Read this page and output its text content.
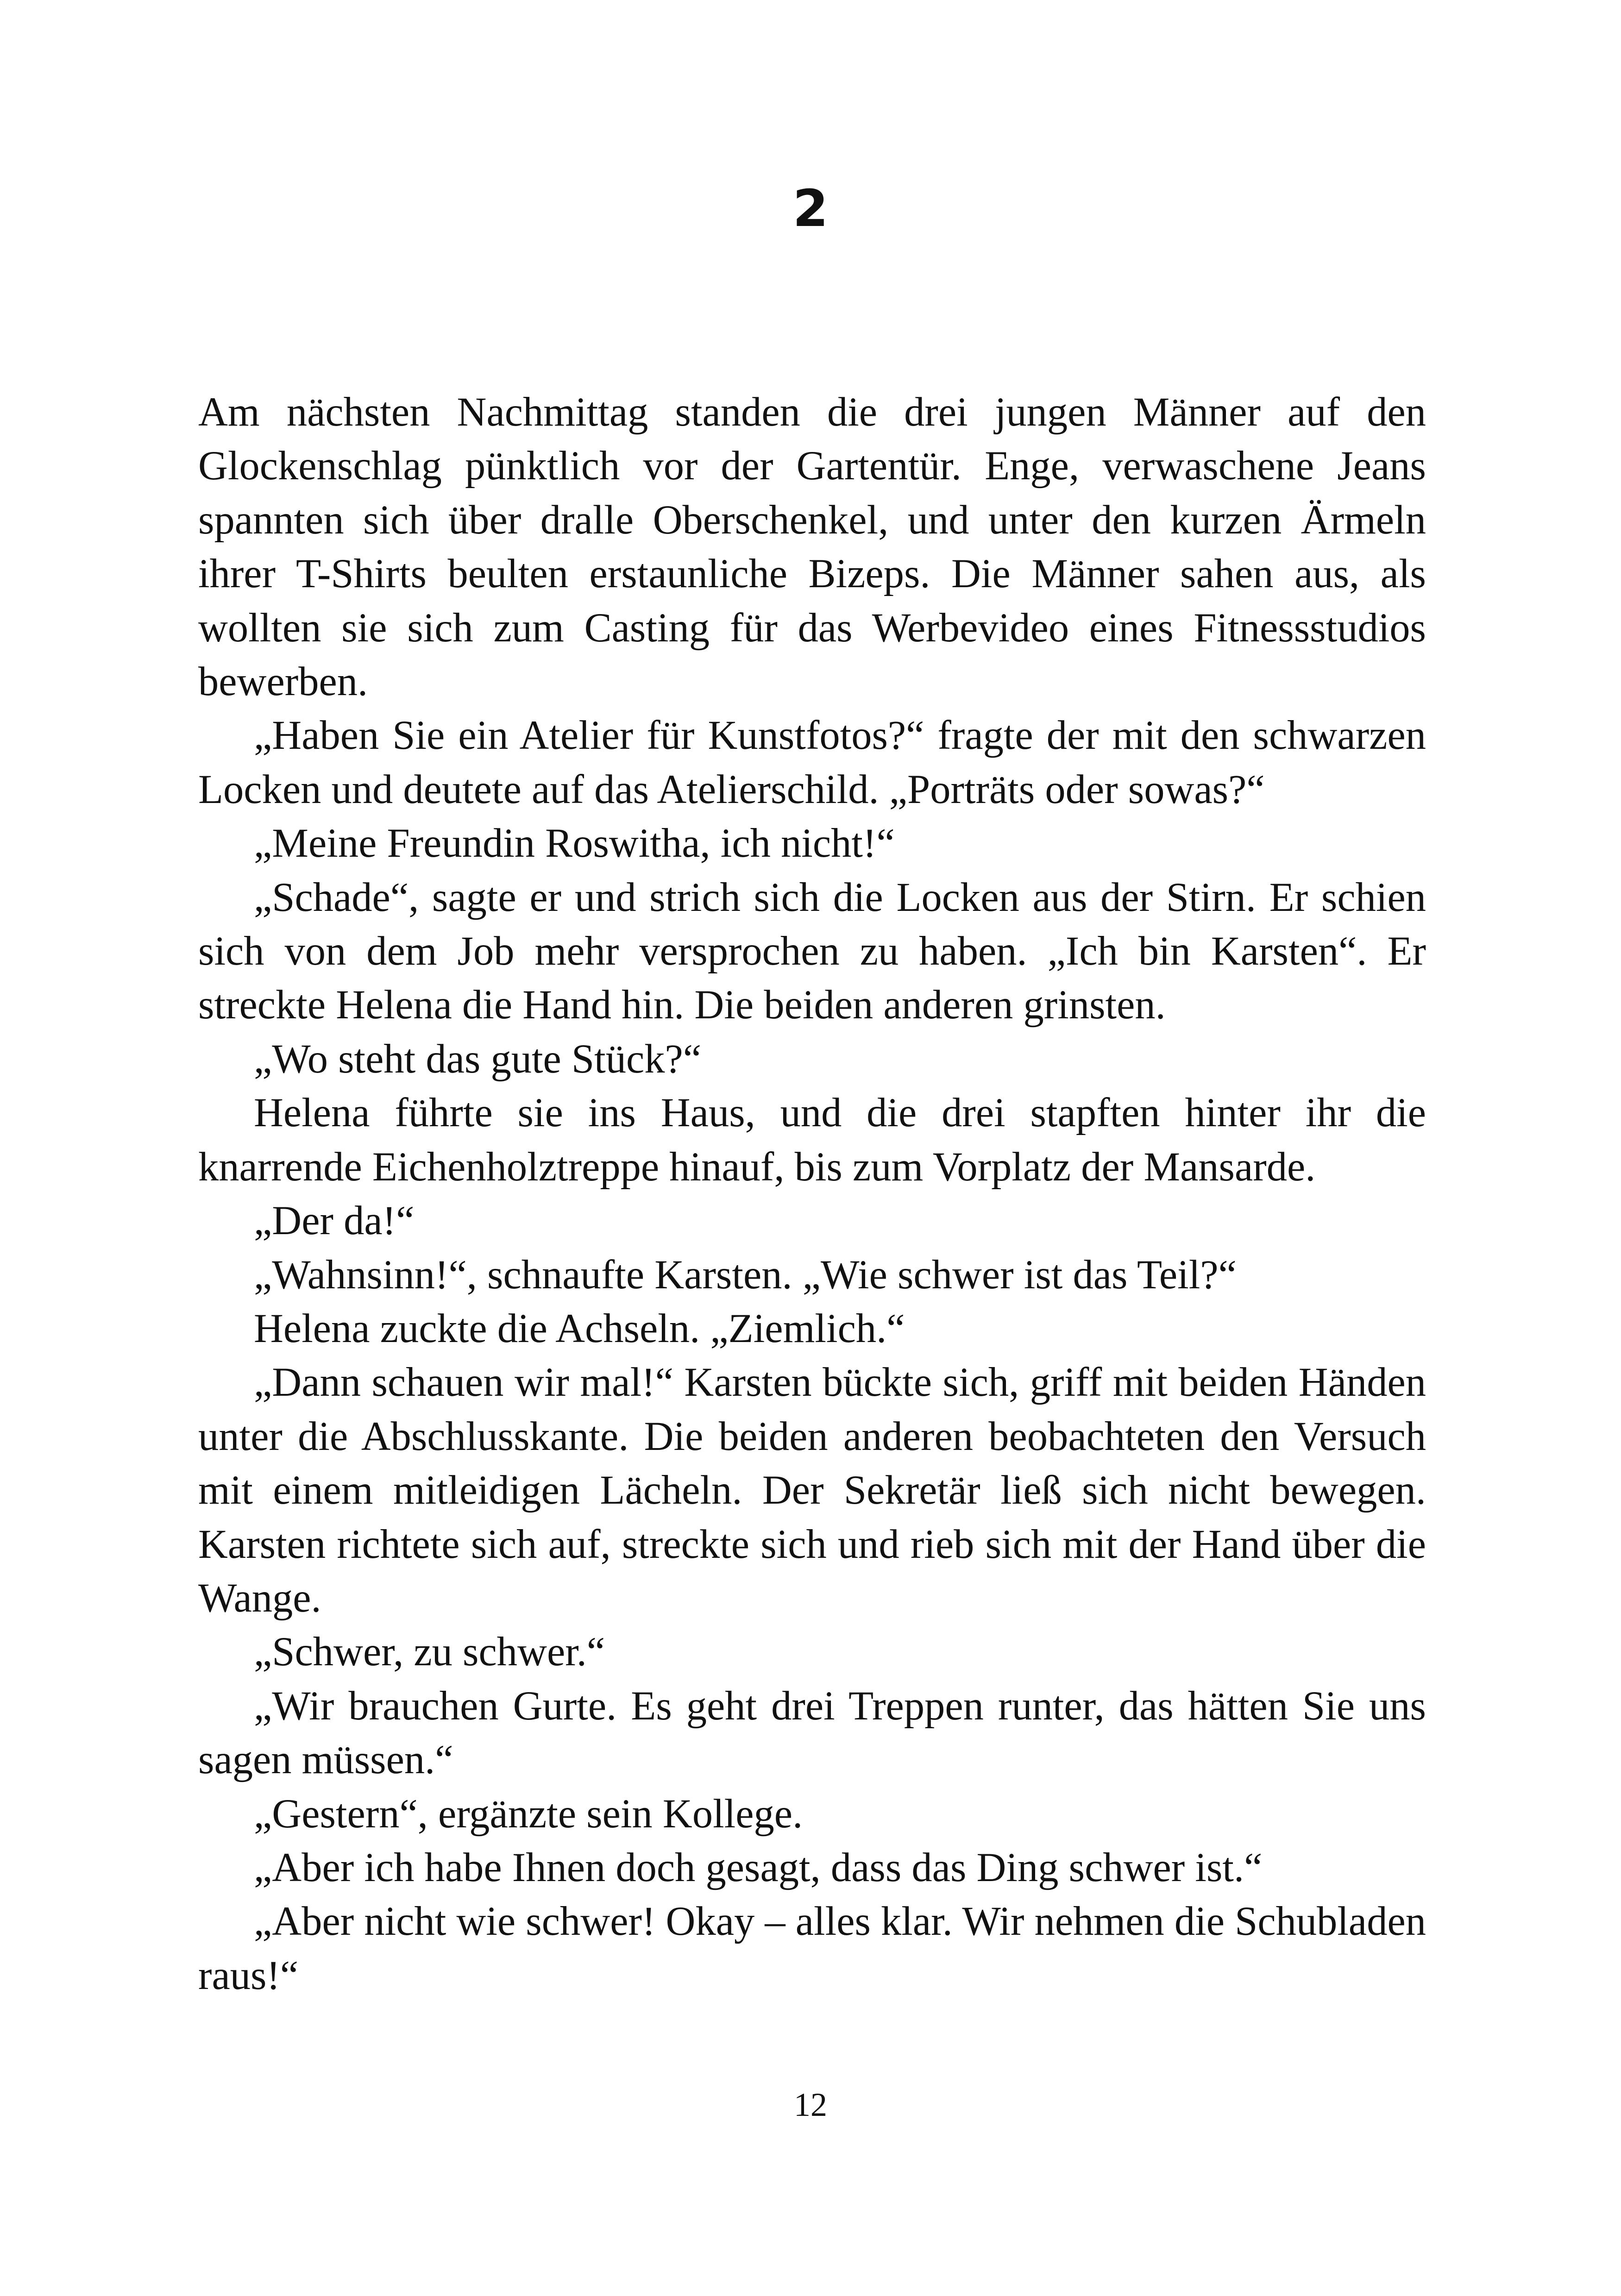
2

Am nächsten Nachmittag standen die drei jungen Männer auf den Glockenschlag pünktlich vor der Gartentür. Enge, verwaschene Jeans spannten sich über dralle Oberschenkel, und unter den kurzen Ärmeln ihrer T-Shirts beulten erstaunliche Bizeps. Die Männer sahen aus, als wollten sie sich zum Casting für das Werbevideo eines Fitnessstudios bewerben.

„Haben Sie ein Atelier für Kunstfotos?“ fragte der mit den schwarzen Locken und deutete auf das Atelierschild. „Porträts oder sowas?“

„Meine Freundin Roswitha, ich nicht!“

„Schade“, sagte er und strich sich die Locken aus der Stirn. Er schien sich von dem Job mehr versprochen zu haben. „Ich bin Karsten“. Er streckte Helena die Hand hin. Die beiden anderen grinsten.

„Wo steht das gute Stück?“

Helena führte sie ins Haus, und die drei stapften hinter ihr die knarrende Eichenholztreppe hinauf, bis zum Vorplatz der Mansarde.

„Der da!“

„Wahnsinn!“, schnaufte Karsten. „Wie schwer ist das Teil?“

Helena zuckte die Achseln. „Ziemlich.“

„Dann schauen wir mal!“ Karsten bückte sich, griff mit beiden Händen unter die Abschlusskante. Die beiden anderen beobachteten den Versuch mit einem mitleidigen Lächeln. Der Sekretär ließ sich nicht bewegen. Karsten richtete sich auf, streckte sich und rieb sich mit der Hand über die Wange.

„Schwer, zu schwer.“

„Wir brauchen Gurte. Es geht drei Treppen runter, das hätten Sie uns sagen müssen.“

„Gestern“, ergänzte sein Kollege.

„Aber ich habe Ihnen doch gesagt, dass das Ding schwer ist.“

„Aber nicht wie schwer! Okay – alles klar. Wir nehmen die Schubladen raus!“

12
